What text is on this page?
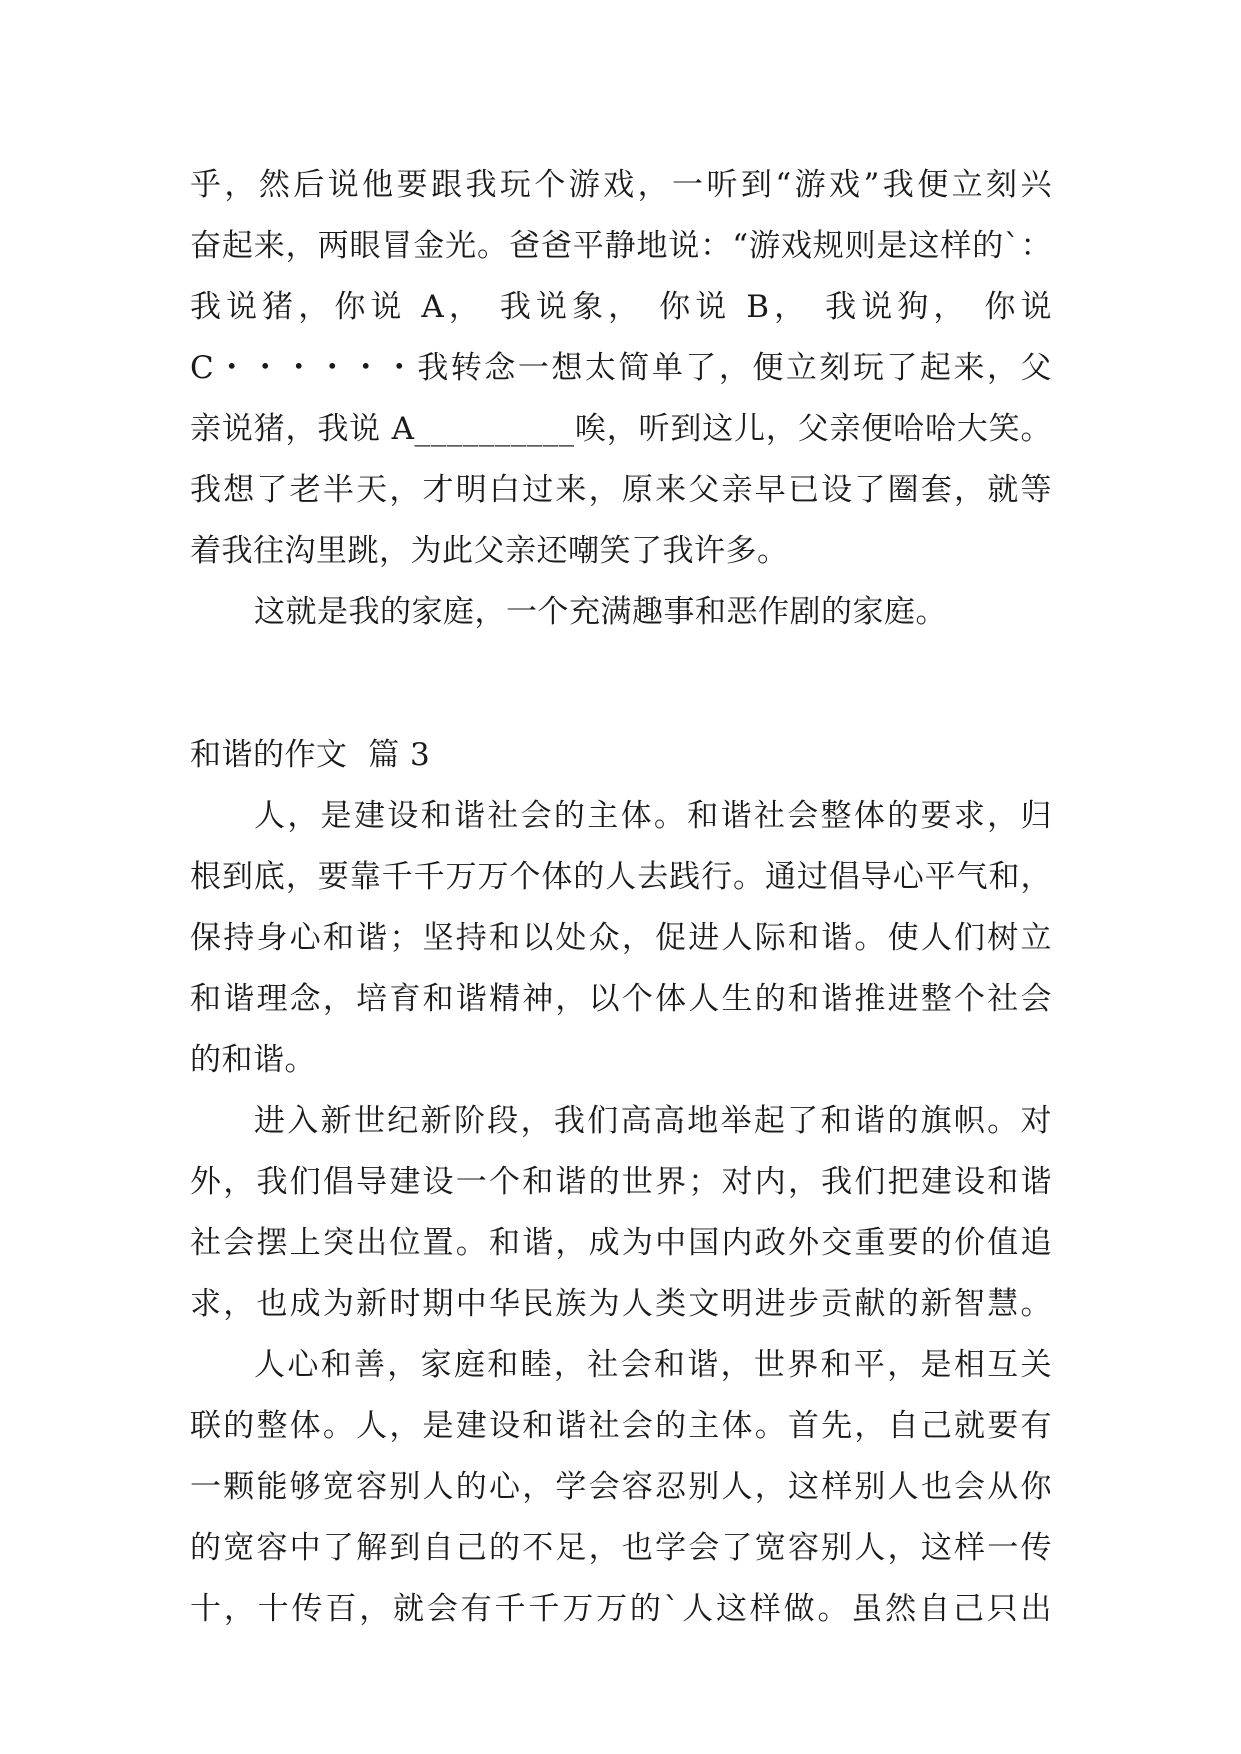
乎，然后说他要跟我玩个游戏，一听到“游戏”我便立刻兴
奋起来，两眼冒金光。爸爸平静地说：“游戏规则是这样的`：
我说猪，你说 A， 我说象， 你说 B， 我说狗， 你说
C・・・・・・我转念一想太简单了，便立刻玩了起来，父
亲说猪，我说 A__________唉，听到这儿，父亲便哈哈大笑。
我想了老半天，才明白过来，原来父亲早已设了圈套，就等
着我往沟里跳，为此父亲还嘲笑了我许多。
这就是我的家庭，一个充满趣事和恶作剧的家庭。
和谐的作文  篇 3
人，是建设和谐社会的主体。和谐社会整体的要求，归
根到底，要靠千千万万个体的人去践行。通过倡导心平气和，
保持身心和谐；坚持和以处众，促进人际和谐。使人们树立
和谐理念，培育和谐精神，以个体人生的和谐推进整个社会
的和谐。
进入新世纪新阶段，我们高高地举起了和谐的旗帜。对
外，我们倡导建设一个和谐的世界；对内，我们把建设和谐
社会摆上突出位置。和谐，成为中国内政外交重要的价值追
求，也成为新时期中华民族为人类文明进步贡献的新智慧。
人心和善，家庭和睦，社会和谐，世界和平，是相互关
联的整体。人，是建设和谐社会的主体。首先，自己就要有
一颗能够宽容别人的心，学会容忍别人，这样别人也会从你
的宽容中了解到自己的不足，也学会了宽容别人，这样一传
十，十传百，就会有千千万万的`人这样做。虽然自己只出
